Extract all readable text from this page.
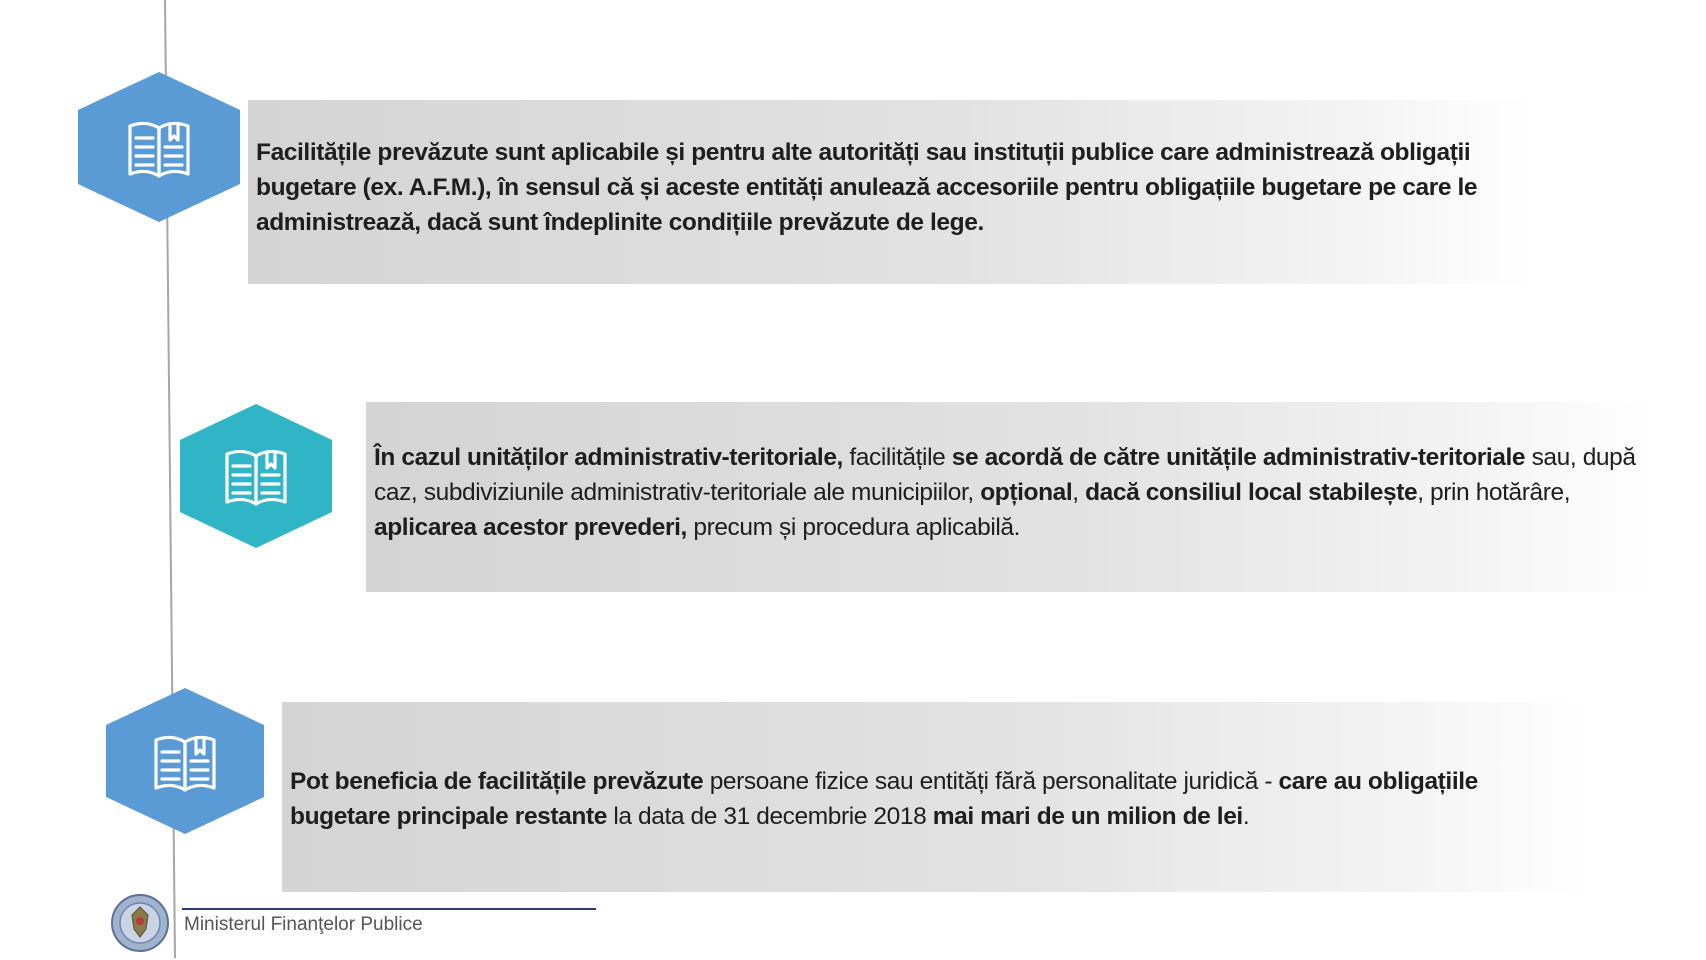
Facilitățile prevăzute sunt aplicabile și pentru alte autorități sau instituții publice care administrează obligații bugetare (ex. A.F.M.), în sensul că și aceste entități anulează accesoriile pentru obligațiile bugetare pe care le administrează, dacă sunt îndeplinite condițiile prevăzute de lege.

În cazul unităților administrativ-teritoriale, facilitățile se acordă de către unitățile administrativ-teritoriale sau, după caz, subdiviziunile administrativ-teritoriale ale municipiilor, opțional, dacă consiliul local stabilește, prin hotărâre, aplicarea acestor prevederi, precum și procedura aplicabilă.

Pot beneficia de facilitățile prevăzute persoane fizice sau entități fără personalitate juridică - care au obligațiile bugetare principale restante la data de 31 decembrie 2018 mai mari de un milion de lei.

Ministerul Finanţelor Publice
